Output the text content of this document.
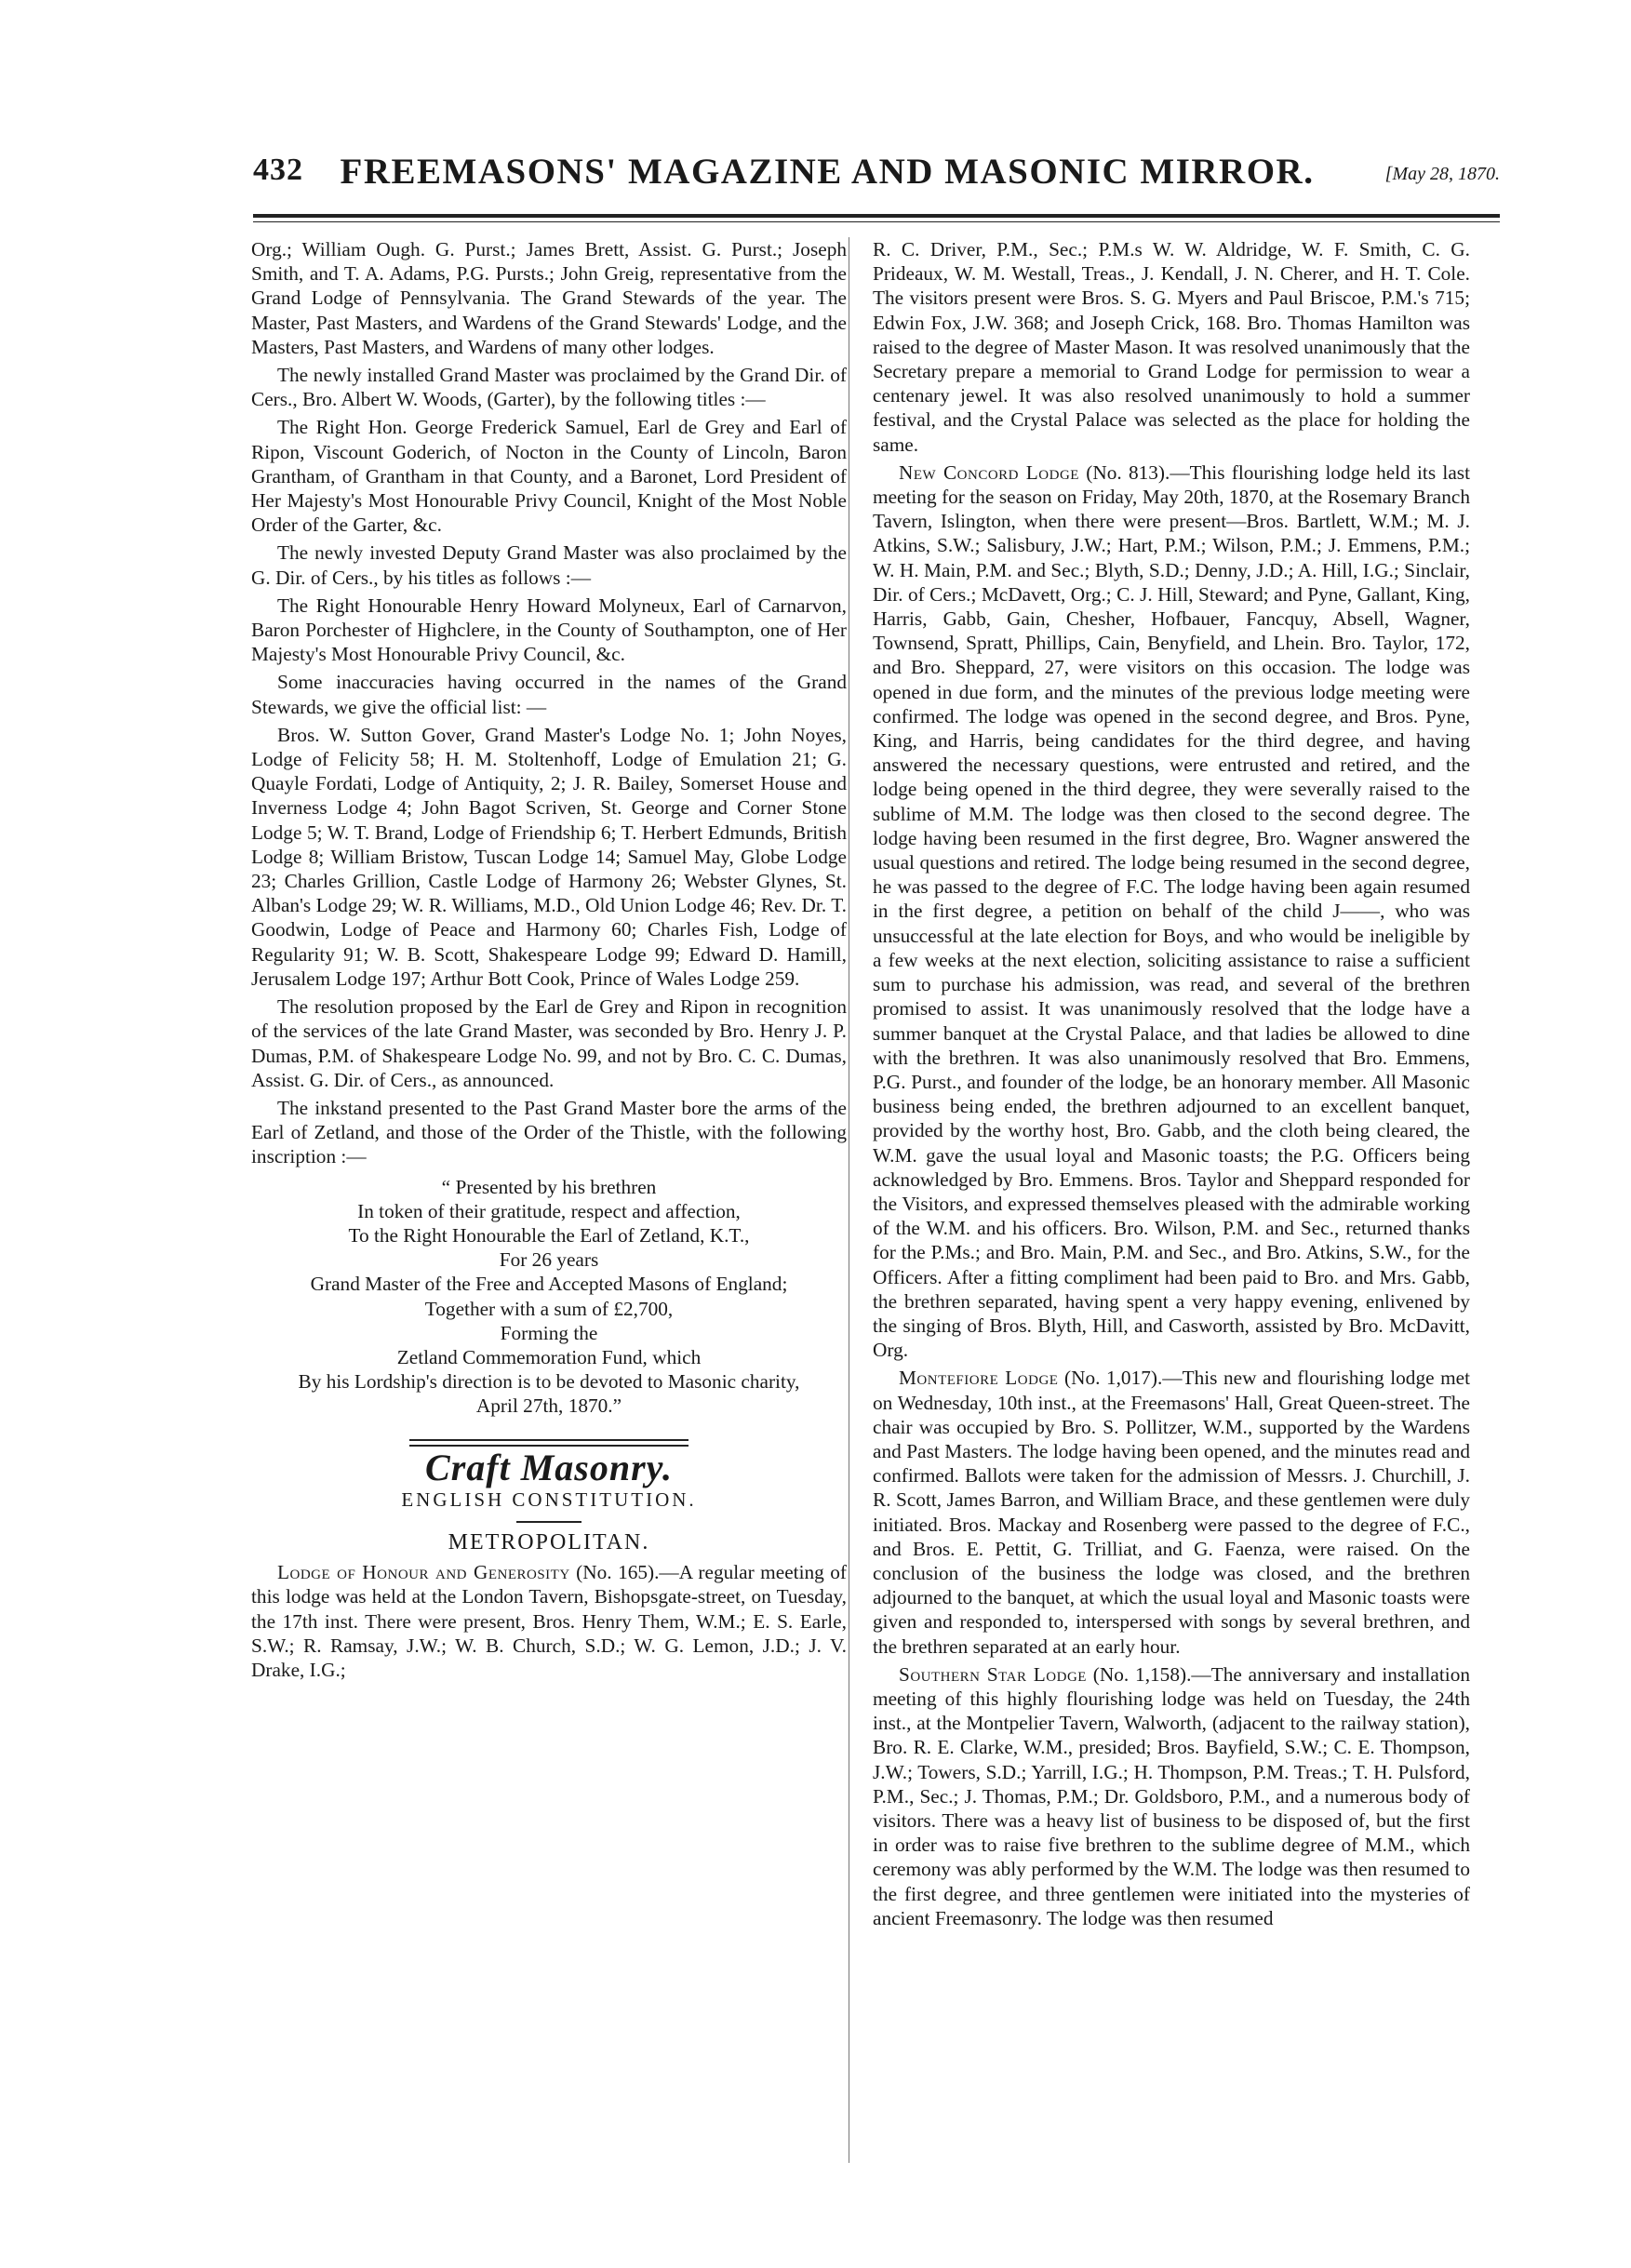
432 FREEMASONS' MAGAZINE AND MASONIC MIRROR.	[May 28, 1870.

Org.; William Ough. G. Purst.; James Brett, Assist. G. Purst.; Joseph Smith, and T. A. Adams, P.G. Pursts.; John Greig, representative from the Grand Lodge of Pennsylvania. The Grand Stewards of the year. The Master, Past Masters, and Wardens of the Grand Stewards' Lodge, and the Masters, Past Masters, and Wardens of many other lodges.

The newly installed Grand Master was proclaimed by the Grand Dir. of Cers., Bro. Albert W. Woods, (Garter), by the following titles :—

The Right Hon. George Frederick Samuel, Earl de Grey and Earl of Ripon, Viscount Goderich, of Nocton in the County of Lincoln, Baron Grantham, of Grantham in that County, and a Baronet, Lord President of Her Majesty's Most Honourable Privy Council, Knight of the Most Noble Order of the Garter, &c.

The newly invested Deputy Grand Master was also proclaimed by the G. Dir. of Cers., by his titles as follows :—

The Right Honourable Henry Howard Molyneux, Earl of Carnarvon, Baron Porchester of Highclere, in the County of Southampton, one of Her Majesty's Most Honourable Privy Council, &c.

Some inaccuracies having occurred in the names of the Grand Stewards, we give the official list: —

Bros. W. Sutton Gover, Grand Master's Lodge No. 1; John Noyes, Lodge of Felicity 58; H. M. Stoltenhoff, Lodge of Emulation 21; G. Quayle Fordati, Lodge of Antiquity, 2; J. R. Bailey, Somerset House and Inverness Lodge 4; John Bagot Scriven, St. George and Corner Stone Lodge 5; W. T. Brand, Lodge of Friendship 6; T. Herbert Edmunds, British Lodge 8; William Bristow, Tuscan Lodge 14; Samuel May, Globe Lodge 23; Charles Grillion, Castle Lodge of Harmony 26; Webster Glynes, St. Alban's Lodge 29; W. R. Williams, M.D., Old Union Lodge 46; Rev. Dr. T. Goodwin, Lodge of Peace and Harmony 60; Charles Fish, Lodge of Regularity 91; W. B. Scott, Shakespeare Lodge 99; Edward D. Hamill, Jerusalem Lodge 197; Arthur Bott Cook, Prince of Wales Lodge 259.

The resolution proposed by the Earl de Grey and Ripon in recognition of the services of the late Grand Master, was seconded by Bro. Henry J. P. Dumas, P.M. of Shakespeare Lodge No. 99, and not by Bro. C. C. Dumas, Assist. G. Dir. of Cers., as announced.

The inkstand presented to the Past Grand Master bore the arms of the Earl of Zetland, and those of the Order of the Thistle, with the following inscription :—

“ Presented by his brethren
In token of their gratitude, respect and affection,
To the Right Honourable the Earl of Zetland, K.T.,
For 26 years
Grand Master of the Free and Accepted Masons of England;
Together with a sum of £2,700,
Forming the
Zetland Commemoration Fund, which
By his Lordship's direction is to be devoted to Masonic charity,
April 27th, 1870.”
Craft Masonry.
ENGLISH CONSTITUTION.
METROPOLITAN.

Lodge of Honour and Generosity (No. 165).—A regular meeting of this lodge was held at the London Tavern, Bishopsgate-street, on Tuesday, the 17th inst. There were present, Bros. Henry Them, W.M.; E. S. Earle, S.W.; R. Ramsay, J.W.; W. B. Church, S.D.; W. G. Lemon, J.D.; J. V. Drake, I.G.;

R. C. Driver, P.M., Sec.; P.M.s W. W. Aldridge, W. F. Smith, C. G. Prideaux, W. M. Westall, Treas., J. Kendall, J. N. Cherer, and H. T. Cole. The visitors present were Bros. S. G. Myers and Paul Briscoe, P.M.'s 715; Edwin Fox, J.W. 368; and Joseph Crick, 168. Bro. Thomas Hamilton was raised to the degree of Master Mason. It was resolved unanimously that the Secretary prepare a memorial to Grand Lodge for permission to wear a centenary jewel. It was also resolved unanimously to hold a summer festival, and the Crystal Palace was selected as the place for holding the same.

New Concord Lodge (No. 813).—This flourishing lodge held its last meeting for the season on Friday, May 20th, 1870, at the Rosemary Branch Tavern, Islington, when there were present—Bros. Bartlett, W.M.; M. J. Atkins, S.W.; Salisbury, J.W.; Hart, P.M.; Wilson, P.M.; J. Emmens, P.M.; W. H. Main, P.M. and Sec.; Blyth, S.D.; Denny, J.D.; A. Hill, I.G.; Sinclair, Dir. of Cers.; McDavett, Org.; C. J. Hill, Steward; and Pyne, Gallant, King, Harris, Gabb, Gain, Chesher, Hofbauer, Fancquy, Absell, Wagner, Townsend, Spratt, Phillips, Cain, Benyfield, and Lhein. Bro. Taylor, 172, and Bro. Sheppard, 27, were visitors on this occasion. The lodge was opened in due form, and the minutes of the previous lodge meeting were confirmed. The lodge was opened in the second degree, and Bros. Pyne, King, and Harris, being candidates for the third degree, and having answered the necessary questions, were entrusted and retired, and the lodge being opened in the third degree, they were severally raised to the sublime of M.M. The lodge was then closed to the second degree. The lodge having been resumed in the first degree, Bro. Wagner answered the usual questions and retired. The lodge being resumed in the second degree, he was passed to the degree of F.C. The lodge having been again resumed in the first degree, a petition on behalf of the child J——, who was unsuccessful at the late election for Boys, and who would be ineligible by a few weeks at the next election, soliciting assistance to raise a sufficient sum to purchase his admission, was read, and several of the brethren promised to assist. It was unanimously resolved that the lodge have a summer banquet at the Crystal Palace, and that ladies be allowed to dine with the brethren. It was also unanimously resolved that Bro. Emmens, P.G. Purst., and founder of the lodge, be an honorary member. All Masonic business being ended, the brethren adjourned to an excellent banquet, provided by the worthy host, Bro. Gabb, and the cloth being cleared, the W.M. gave the usual loyal and Masonic toasts; the P.G. Officers being acknowledged by Bro. Emmens. Bros. Taylor and Sheppard responded for the Visitors, and expressed themselves pleased with the admirable working of the W.M. and his officers. Bro. Wilson, P.M. and Sec., returned thanks for the P.Ms.; and Bro. Main, P.M. and Sec., and Bro. Atkins, S.W., for the Officers. After a fitting compliment had been paid to Bro. and Mrs. Gabb, the brethren separated, having spent a very happy evening, enlivened by the singing of Bros. Blyth, Hill, and Casworth, assisted by Bro. McDavitt, Org.

Montefiore Lodge (No. 1,017).—This new and flourishing lodge met on Wednesday, 10th inst., at the Freemasons' Hall, Great Queen-street. The chair was occupied by Bro. S. Pollitzer, W.M., supported by the Wardens and Past Masters. The lodge having been opened, and the minutes read and confirmed. Ballots were taken for the admission of Messrs. J. Churchill, J. R. Scott, James Barron, and William Brace, and these gentlemen were duly initiated. Bros. Mackay and Rosenberg were passed to the degree of F.C., and Bros. E. Pettit, G. Trilliat, and G. Faenza, were raised. On the conclusion of the business the lodge was closed, and the brethren adjourned to the banquet, at which the usual loyal and Masonic toasts were given and responded to, interspersed with songs by several brethren, and the brethren separated at an early hour.

Southern Star Lodge (No. 1,158).—The anniversary and installation meeting of this highly flourishing lodge was held on Tuesday, the 24th inst., at the Montpelier Tavern, Walworth, (adjacent to the railway station), Bro. R. E. Clarke, W.M., presided; Bros. Bayfield, S.W.; C. E. Thompson, J.W.; Towers, S.D.; Yarrill, I.G.; H. Thompson, P.M. Treas.; T. H. Pulsford, P.M., Sec.; J. Thomas, P.M.; Dr. Goldsboro, P.M., and a numerous body of visitors. There was a heavy list of business to be disposed of, but the first in order was to raise five brethren to the sublime degree of M.M., which ceremony was ably performed by the W.M. The lodge was then resumed to the first degree, and three gentlemen were initiated into the mysteries of ancient Freemasonry. The lodge was then resumed
